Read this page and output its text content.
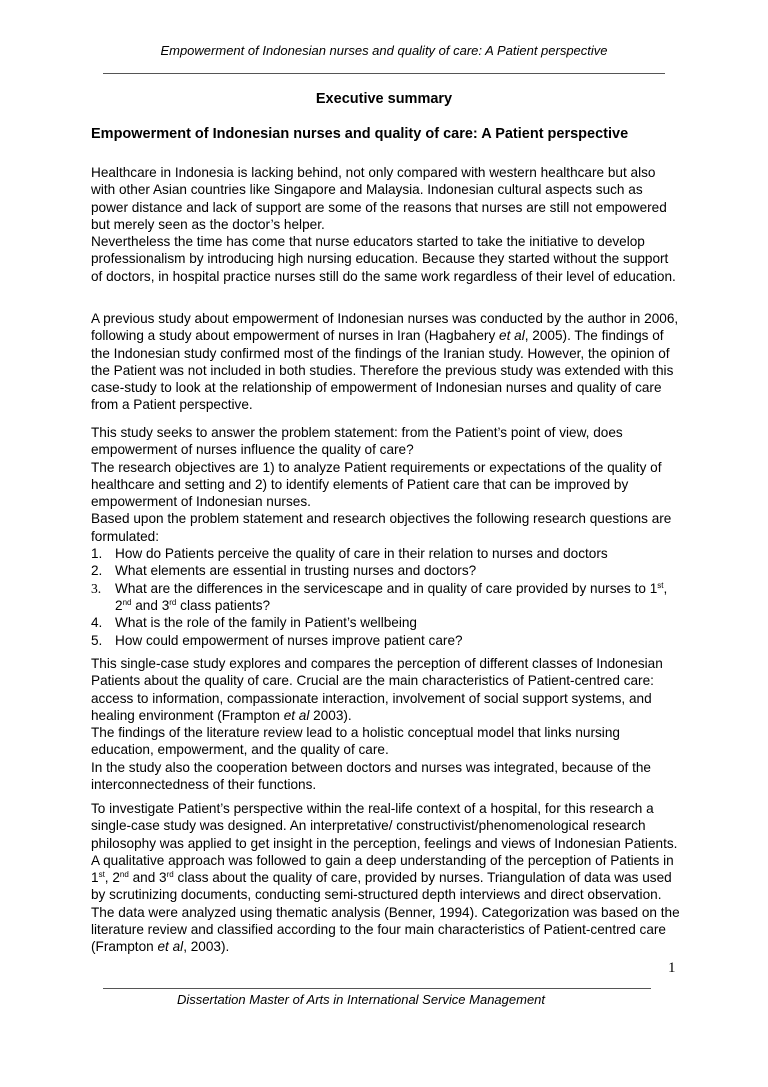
Empowerment of Indonesian nurses and quality of care: A Patient perspective
Executive summary
Empowerment of Indonesian nurses and quality of care: A Patient perspective

Healthcare in Indonesia is lacking behind, not only compared with western healthcare but also with other Asian countries like Singapore and Malaysia. Indonesian cultural aspects such as power distance and lack of support are some of the reasons that nurses are still not empowered but merely seen as the doctor’s helper.

Nevertheless the time has come that nurse educators started to take the initiative to develop professionalism by introducing high nursing education. Because they started without the support of doctors, in hospital practice nurses still do the same work regardless of their level of education.

A previous study about empowerment of Indonesian nurses was conducted by the author in 2006, following a study about empowerment of nurses in Iran (Hagbahery et al, 2005). The findings of the Indonesian study confirmed most of the findings of the Iranian study. However, the opinion of the Patient was not included in both studies. Therefore the previous study was extended with this case-study to look at the relationship of empowerment of Indonesian nurses and quality of care from a Patient perspective.

This study seeks to answer the problem statement: from the Patient’s point of view, does empowerment of nurses influence the quality of care?

The research objectives are 1) to analyze Patient requirements or expectations of the quality of healthcare and setting and 2) to identify elements of Patient care that can be improved by empowerment of Indonesian nurses.

Based upon the problem statement and research objectives the following research questions are formulated:

1. How do Patients perceive the quality of care in their relation to nurses and doctors
2. What elements are essential in trusting nurses and doctors?
3. What are the differences in the servicescape and in quality of care provided by nurses to 1st, 2nd and 3rd class patients?
4. What is the role of the family in Patient’s wellbeing
5. How could empowerment of nurses improve patient care?

This single-case study explores and compares the perception of different classes of Indonesian Patients about the quality of care. Crucial are the main characteristics of Patient-centred care: access to information, compassionate interaction, involvement of social support systems, and healing environment (Frampton et al 2003).

The findings of the literature review lead to a holistic conceptual model that links nursing education, empowerment, and the quality of care.

In the study also the cooperation between doctors and nurses was integrated, because of the interconnectedness of their functions.

To investigate Patient’s perspective within the real-life context of a hospital, for this research a single-case study was designed. An interpretative/ constructivist/phenomenological research philosophy was applied to get insight in the perception, feelings and views of Indonesian Patients. A qualitative approach was followed to gain a deep understanding of the perception of Patients in 1st, 2nd and 3rd class about the quality of care, provided by nurses. Triangulation of data was used by scrutinizing documents, conducting semi-structured depth interviews and direct observation. The data were analyzed using thematic analysis (Benner, 1994). Categorization was based on the literature review and classified according to the four main characteristics of Patient-centred care (Frampton et al, 2003).

1
Dissertation Master of Arts in International Service Management
